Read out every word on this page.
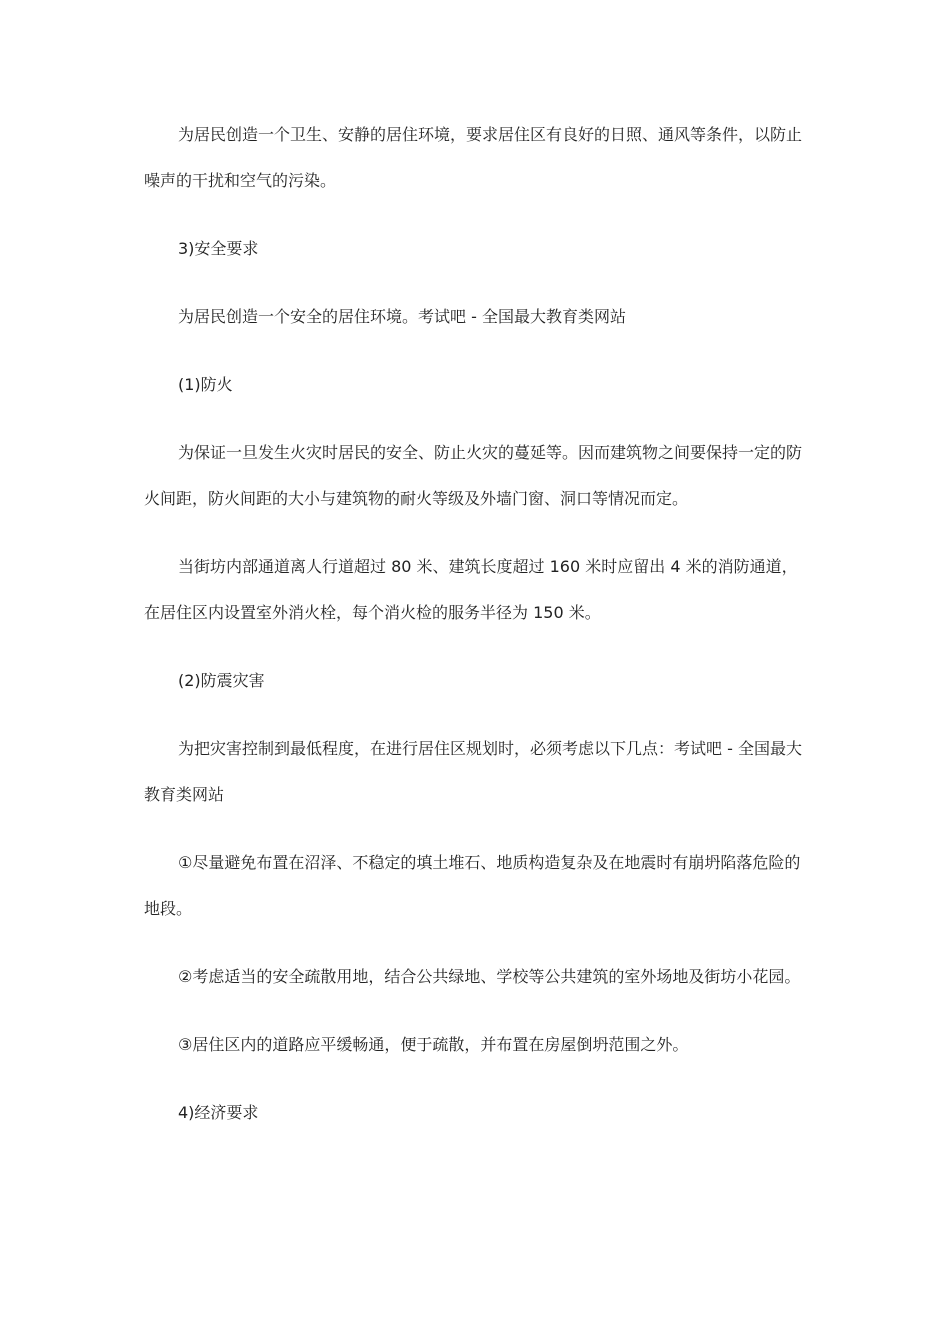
为居民创造一个卫生、安静的居住环境，要求居住区有良好的日照、通风等条件，以防止噪声的干扰和空气的污染。

3)安全要求

为居民创造一个安全的居住环境。考试吧 - 全国最大教育类网站

(1)防火

为保证一旦发生火灾时居民的安全、防止火灾的蔓延等。因而建筑物之间要保持一定的防火间距，防火间距的大小与建筑物的耐火等级及外墙门窗、洞口等情况而定。

当街坊内部通道离人行道超过 80 米、建筑长度超过 160 米时应留出 4 米的消防通道，在居住区内设置室外消火栓，每个消火检的服务半径为 150 米。

(2)防震灾害

为把灾害控制到最低程度，在进行居住区规划时，必须考虑以下几点：考试吧 - 全国最大教育类网站

①尽量避免布置在沼泽、不稳定的填土堆石、地质构造复杂及在地震时有崩坍陷落危险的地段。

②考虑适当的安全疏散用地，结合公共绿地、学校等公共建筑的室外场地及街坊小花园。

③居住区内的道路应平缓畅通，便于疏散，并布置在房屋倒坍范围之外。

4)经济要求
